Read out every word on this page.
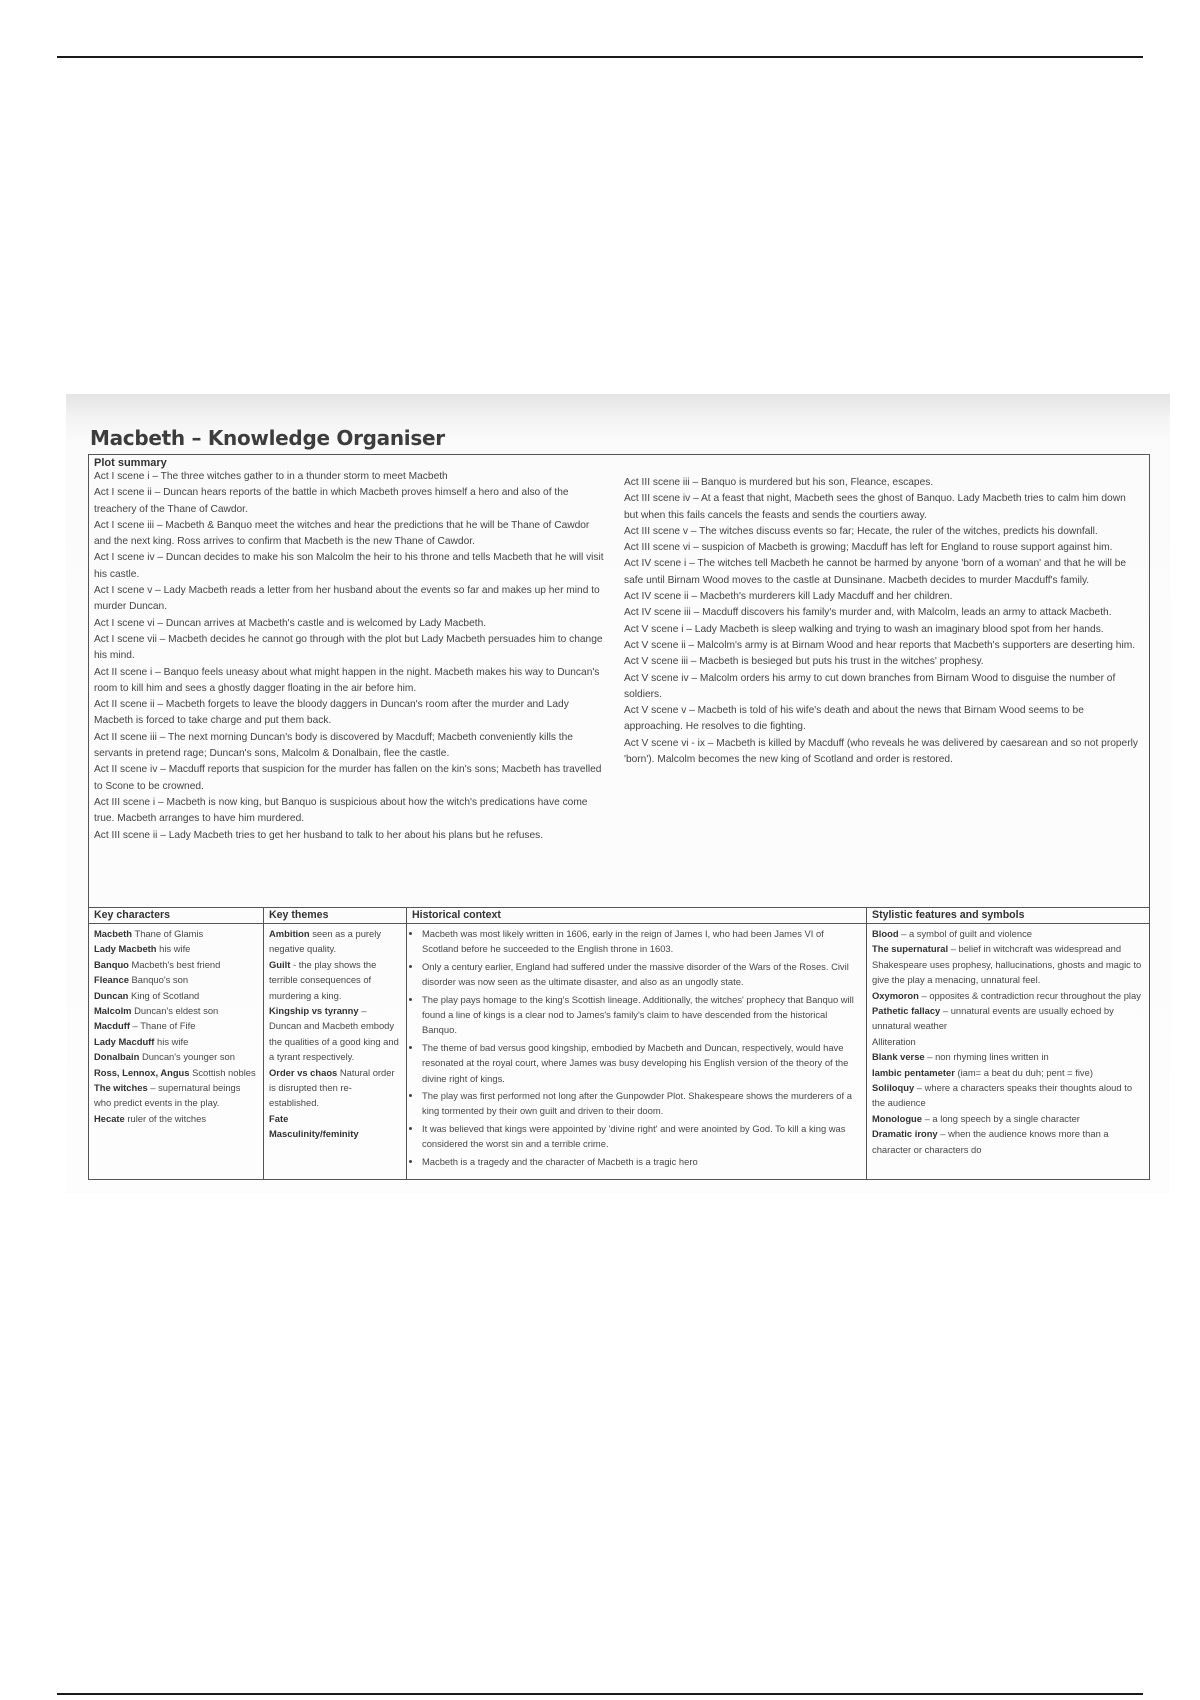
Macbeth – Knowledge Organiser
Plot summary

Act I scene i – The three witches gather to in a thunder storm to meet Macbeth

Act I scene ii – Duncan hears reports of the battle in which Macbeth proves himself a hero and also of the treachery of the Thane of Cawdor.

Act I scene iii – Macbeth & Banquo meet the witches and hear the predictions that he will be Thane of Cawdor and the next king. Ross arrives to confirm that Macbeth is the new Thane of Cawdor.

Act I scene iv – Duncan decides to make his son Malcolm the heir to his throne and tells Macbeth that he will visit his castle.

Act I scene v – Lady Macbeth reads a letter from her husband about the events so far and makes up her mind to murder Duncan.

Act I scene vi – Duncan arrives at Macbeth's castle and is welcomed by Lady Macbeth.

Act I scene vii – Macbeth decides he cannot go through with the plot but Lady Macbeth persuades him to change his mind.

Act II scene i – Banquo feels uneasy about what might happen in the night. Macbeth makes his way to Duncan's room to kill him and sees a ghostly dagger floating in the air before him.

Act II scene ii – Macbeth forgets to leave the bloody daggers in Duncan's room after the murder and Lady Macbeth is forced to take charge and put them back.

Act II scene iii – The next morning Duncan's body is discovered by Macduff; Macbeth conveniently kills the servants in pretend rage; Duncan's sons, Malcolm & Donalbain, flee the castle.

Act II scene iv – Macduff reports that suspicion for the murder has fallen on the kin's sons; Macbeth has travelled to Scone to be crowned.

Act III scene i – Macbeth is now king, but Banquo is suspicious about how the witch's predications have come true. Macbeth arranges to have him murdered.

Act III scene ii – Lady Macbeth tries to get her husband to talk to her about his plans but he refuses.

Act III scene iii – Banquo is murdered but his son, Fleance, escapes.

Act III scene iv – At a feast that night, Macbeth sees the ghost of Banquo. Lady Macbeth tries to calm him down but when this fails cancels the feasts and sends the courtiers away.

Act III scene v – The witches discuss events so far; Hecate, the ruler of the witches, predicts his downfall.

Act III scene vi – suspicion of Macbeth is growing; Macduff has left for England to rouse support against him.

Act IV scene i – The witches tell Macbeth he cannot be harmed by anyone 'born of a woman' and that he will be safe until Birnam Wood moves to the castle at Dunsinane. Macbeth decides to murder Macduff's family.

Act IV scene ii – Macbeth's murderers kill Lady Macduff and her children.

Act IV scene iii – Macduff discovers his family's murder and, with Malcolm, leads an army to attack Macbeth.

Act V scene i – Lady Macbeth is sleep walking and trying to wash an imaginary blood spot from her hands.

Act V scene ii – Malcolm's army is at Birnam Wood and hear reports that Macbeth's supporters are deserting him.

Act V scene iii – Macbeth is besieged but puts his trust in the witches' prophesy.

Act V scene iv – Malcolm orders his army to cut down branches from Birnam Wood to disguise the number of soldiers.

Act V scene v – Macbeth is told of his wife's death and about the news that Birnam Wood seems to be approaching. He resolves to die fighting.

Act V scene vi - ix – Macbeth is killed by Macduff (who reveals he was delivered by caesarean and so not properly 'born'). Malcolm becomes the new king of Scotland and order is restored.

Key characters

Macbeth Thane of Glamis

Lady Macbeth his wife

Banquo Macbeth's best friend

Fleance Banquo's son

Duncan King of Scotland

Malcolm Duncan's eldest son

Macduff – Thane of Fife

Lady Macduff his wife

Donalbain Duncan's younger son

Ross, Lennox, Angus Scottish nobles

The witches – supernatural beings who predict events in the play.

Hecate ruler of the witches

Key themes

Ambition seen as a purely negative quality.

Guilt - the play shows the terrible consequences of murdering a king.

Kingship vs tyranny – Duncan and Macbeth embody the qualities of a good king and a tyrant respectively.

Order vs chaos Natural order is disrupted then re-established.

Fate

Masculinity/feminity

Historical context
• Macbeth was most likely written in 1606, early in the reign of James I, who had been James VI of Scotland before he succeeded to the English throne in 1603.
• Only a century earlier, England had suffered under the massive disorder of the Wars of the Roses. Civil disorder was now seen as the ultimate disaster, and also as an ungodly state.
• The play pays homage to the king's Scottish lineage. Additionally, the witches' prophecy that Banquo will found a line of kings is a clear nod to James's family's claim to have descended from the historical Banquo.
• The theme of bad versus good kingship, embodied by Macbeth and Duncan, respectively, would have resonated at the royal court, where James was busy developing his English version of the theory of the divine right of kings.
• The play was first performed not long after the Gunpowder Plot. Shakespeare shows the murderers of a king tormented by their own guilt and driven to their doom.
• It was believed that kings were appointed by 'divine right' and were anointed by God. To kill a king was considered the worst sin and a terrible crime.
• Macbeth is a tragedy and the character of Macbeth is a tragic hero
Stylistic features and symbols

Blood – a symbol of guilt and violence

The supernatural – belief in witchcraft was widespread and Shakespeare uses prophesy, hallucinations, ghosts and magic to give the play a menacing, unnatural feel.

Oxymoron – opposites & contradiction recur throughout the play

Pathetic fallacy – unnatural events are usually echoed by unnatural weather

Alliteration

Blank verse – non rhyming lines written in

Iambic pentameter (iam= a beat du duh; pent = five)

Soliloquy – where a characters speaks their thoughts aloud to the audience

Monologue – a long speech by a single character

Dramatic irony – when the audience knows more than a character or characters do
